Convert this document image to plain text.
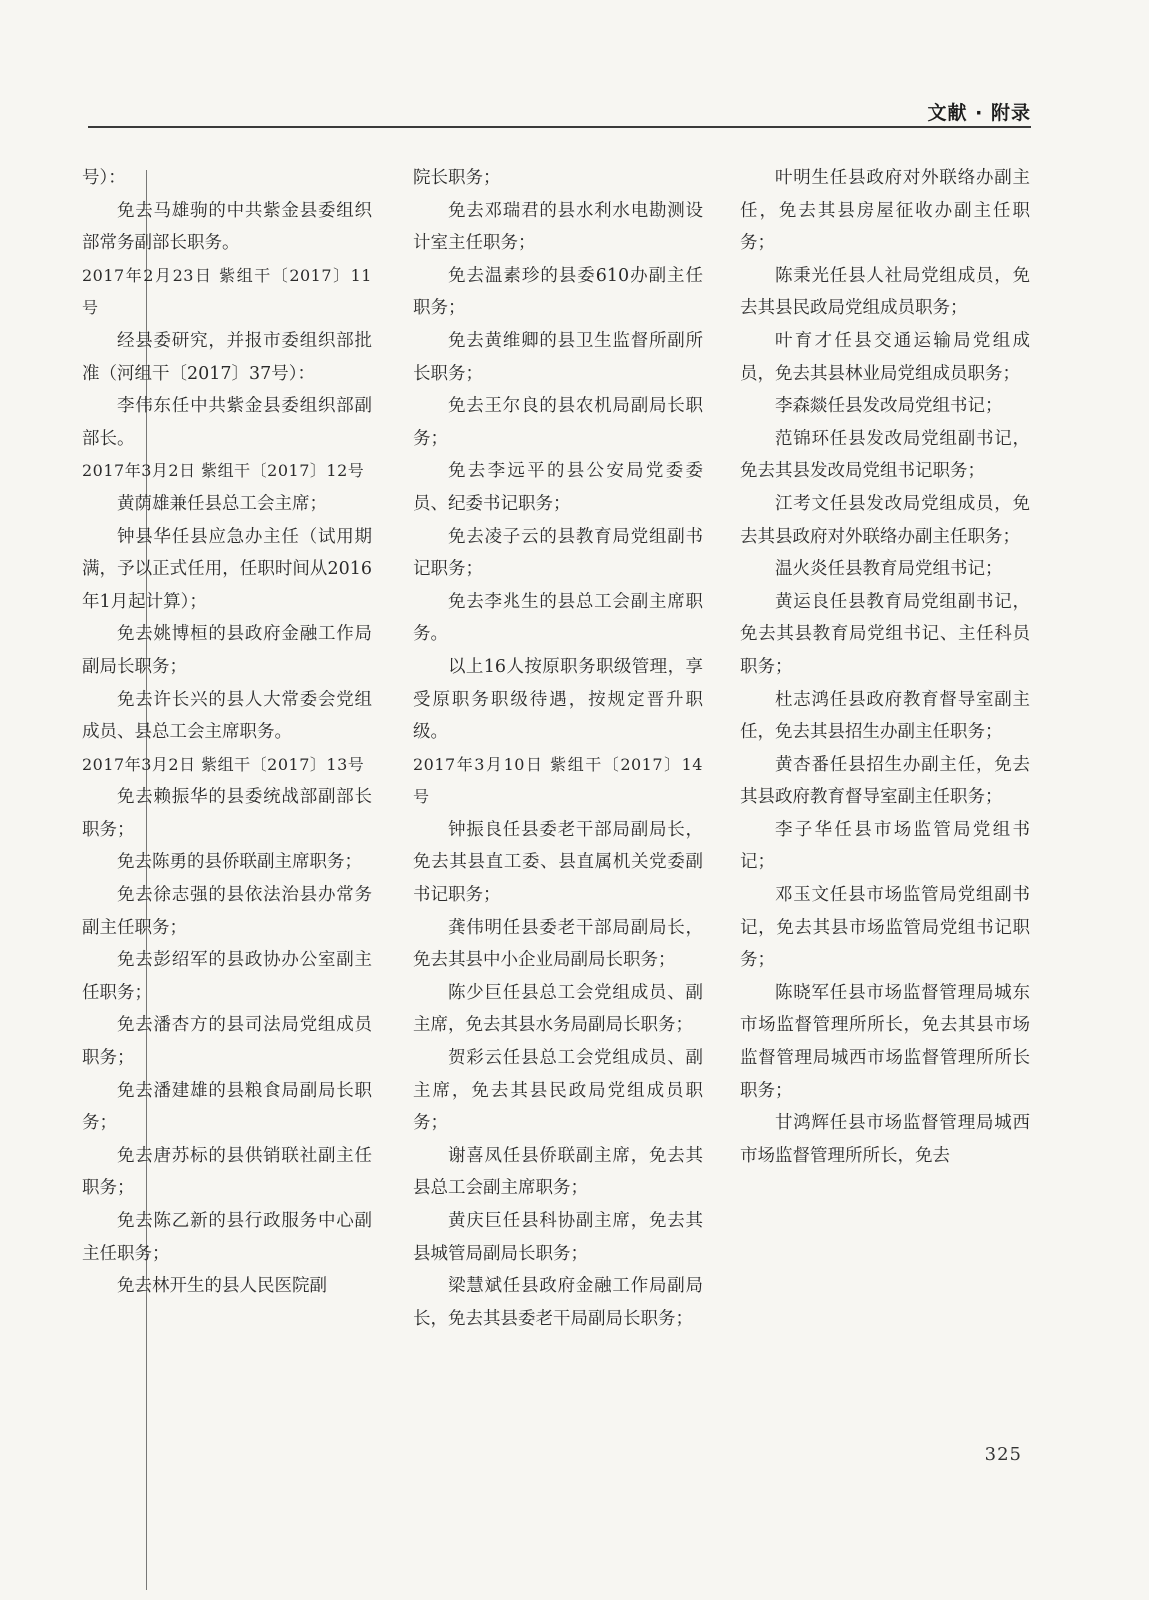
文献 · 附录

号）：

免去马雄驹的中共紫金县委组织部常务副部长职务。

2017年2月23日 紫组干〔2017〕11号

经县委研究，并报市委组织部批准（河组干〔2017〕37号）：

李伟东任中共紫金县委组织部副部长。

2017年3月2日 紫组干〔2017〕12号

黄荫雄兼任县总工会主席；

钟县华任县应急办主任（试用期满，予以正式任用，任职时间从2016年1月起计算）；

免去姚博桓的县政府金融工作局副局长职务；

免去许长兴的县人大常委会党组成员、县总工会主席职务。

2017年3月2日 紫组干〔2017〕13号

免去赖振华的县委统战部副部长职务；

免去陈勇的县侨联副主席职务；

免去徐志强的县依法治县办常务副主任职务；

免去彭绍军的县政协办公室副主任职务；

免去潘杏方的县司法局党组成员职务；

免去潘建雄的县粮食局副局长职务；

免去唐苏标的县供销联社副主任职务；

免去陈乙新的县行政服务中心副主任职务；

免去林开生的县人民医院副

院长职务；

免去邓瑞君的县水利水电勘测设计室主任职务；

免去温素珍的县委610办副主任职务；

免去黄维卿的县卫生监督所副所长职务；

免去王尔良的县农机局副局长职务；

免去李远平的县公安局党委委员、纪委书记职务；

免去凌子云的县教育局党组副书记职务；

免去李兆生的县总工会副主席职务。

以上16人按原职务职级管理，享受原职务职级待遇，按规定晋升职级。

2017年3月10日 紫组干〔2017〕14号

钟振良任县委老干部局副局长，免去其县直工委、县直属机关党委副书记职务；

龚伟明任县委老干部局副局长，免去其县中小企业局副局长职务；

陈少巨任县总工会党组成员、副主席，免去其县水务局副局长职务；

贺彩云任县总工会党组成员、副主席，免去其县民政局党组成员职务；

谢喜凤任县侨联副主席，免去其县总工会副主席职务；

黄庆巨任县科协副主席，免去其县城管局副局长职务；

梁慧斌任县政府金融工作局副局长，免去其县委老干局副局长职务；

叶明生任县政府对外联络办副主任，免去其县房屋征收办副主任职务；

陈秉光任县人社局党组成员，免去其县民政局党组成员职务；

叶育才任县交通运输局党组成员，免去其县林业局党组成员职务；

李森燚任县发改局党组书记；

范锦环任县发改局党组副书记，免去其县发改局党组书记职务；

江考文任县发改局党组成员，免去其县政府对外联络办副主任职务；

温火炎任县教育局党组书记；

黄运良任县教育局党组副书记，免去其县教育局党组书记、主任科员职务；

杜志鸿任县政府教育督导室副主任，免去其县招生办副主任职务；

黄杏番任县招生办副主任，免去其县政府教育督导室副主任职务；

李子华任县市场监管局党组书记；

邓玉文任县市场监管局党组副书记，免去其县市场监管局党组书记职务；

陈晓军任县市场监督管理局城东市场监督管理所所长，免去其县市场监督管理局城西市场监督管理所所长职务；

甘鸿辉任县市场监督管理局城西市场监督管理所所长，免去

325
